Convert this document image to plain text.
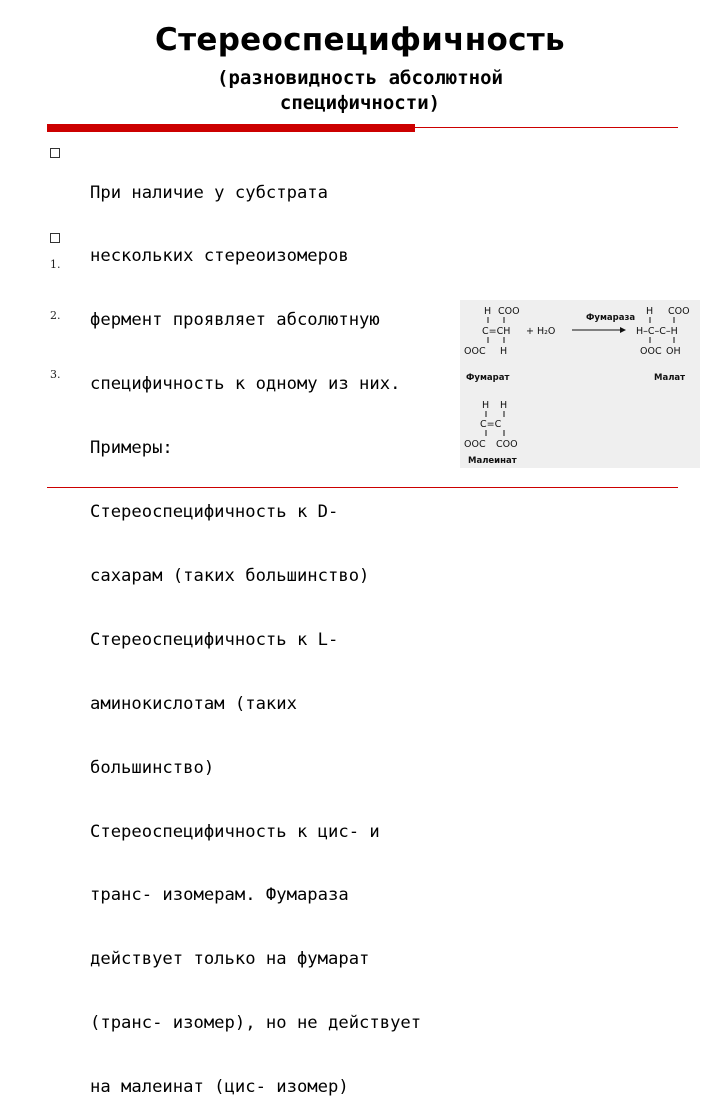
Стереоспецифичность
(разновидность абсолютной
специфичности)
1.
2.
3.

При наличие у субстрата

нескольких стереоизомеров

фермент проявляет абсолютную

специфичность к одному из них.

Примеры:

Стереоспецифичность к D-

сахарам (таких большинство)

Стереоспецифичность к L-

аминокислотам (таких

большинство)

Стереоспецифичность к цис- и

транс- изомерам. Фумараза

действует только на фумарат

(транс- изомер), но не действует

на малеинат (цис- изомер)

H COO
C=CH
OOC H
+ H₂O
Фумараза
H COO
H–C–C–H
OOC OH
Фумарат	Малат
H H
C=C
OOC COO
Малеинат
